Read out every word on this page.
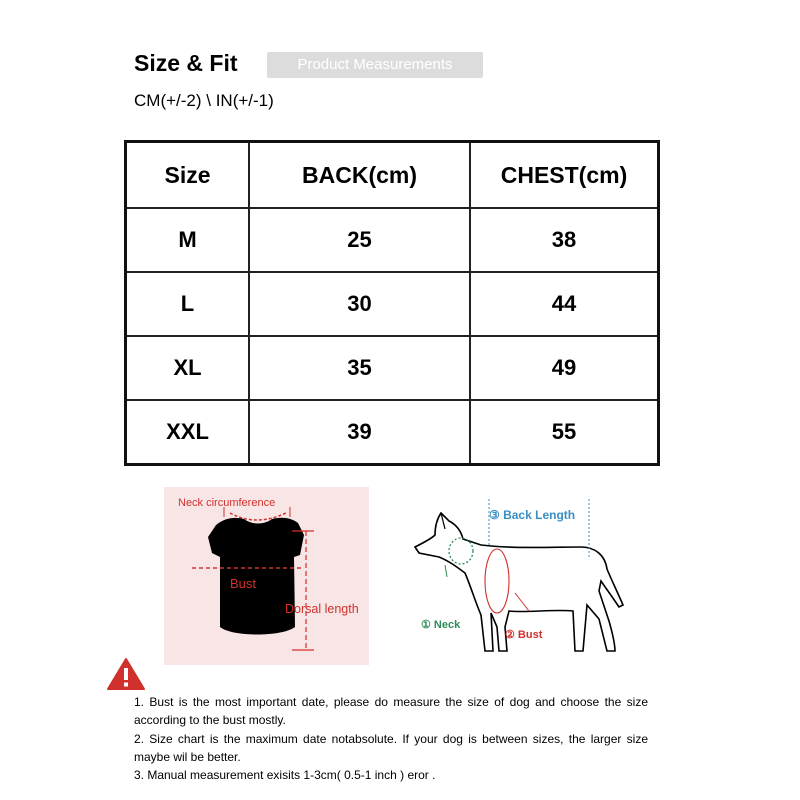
Size & Fit	Product Measurements
CM(+/-2) \ IN(+/-1)
Size	BACK(cm)	CHEST(cm)
M	25	38
L	30	44
XL	35	49
XXL	39	55
Neck circumference
Bust
Dorsal length
③ Back Length
① Neck
② Bust

1. Bust is the most important date, please do measure the size of dog and choose the size according to the bust mostly.

2. Size chart is the maximum date notabsolute. If your dog is between sizes, the larger size maybe wil be better.

3. Manual measurement exisits 1-3cm( 0.5-1 inch ) eror .
